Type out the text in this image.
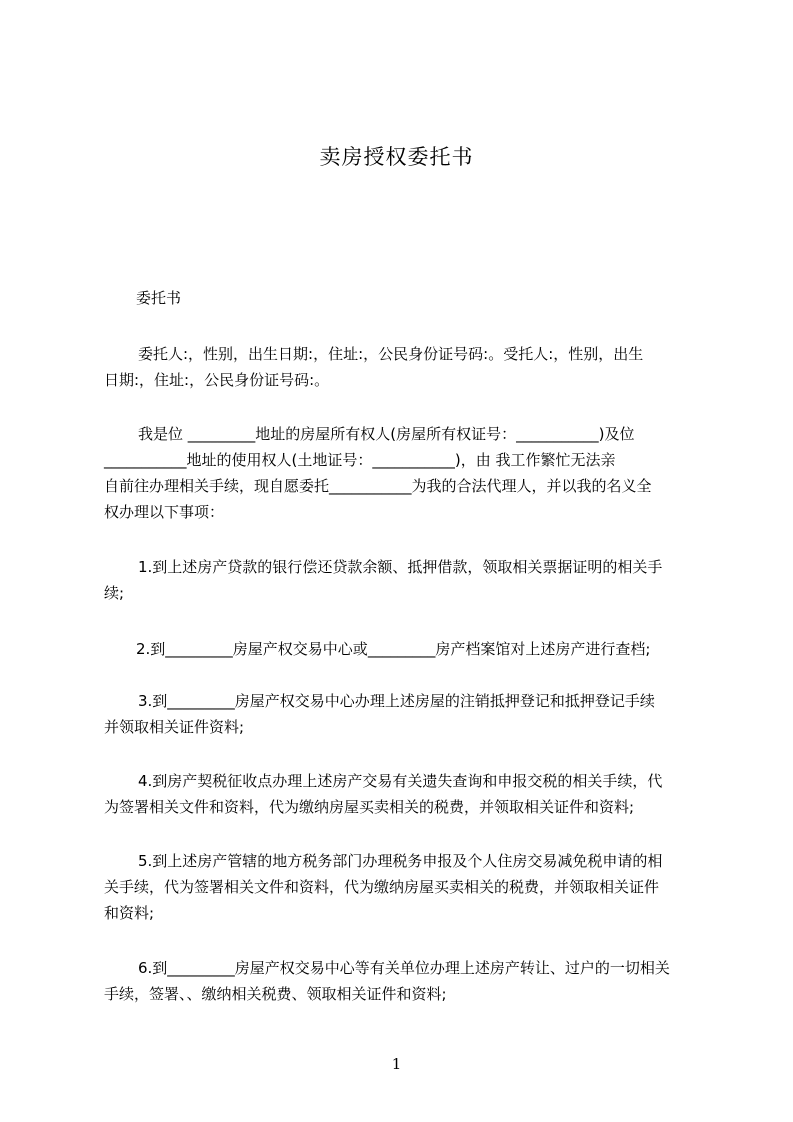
卖房授权委托书
委托书
委托人:，性别，出生日期:，住址:，公民身份证号码:。受托人:，性别，出生
日期:，住址:，公民身份证号码:。
我是位 _________地址的房屋所有权人(房屋所有权证号：___________)及位
___________地址的使用权人(土地证号：___________)，由 我工作繁忙无法亲
自前往办理相关手续，现自愿委托___________为我的合法代理人，并以我的名义全
权办理以下事项：
1.到上述房产贷款的银行偿还贷款余额、抵押借款，领取相关票据证明的相关手
续;
2.到_________房屋产权交易中心或_________房产档案馆对上述房产进行查档;
3.到_________房屋产权交易中心办理上述房屋的注销抵押登记和抵押登记手续
并领取相关证件资料;
4.到房产契税征收点办理上述房产交易有关遗失查询和申报交税的相关手续，代
为签署相关文件和资料，代为缴纳房屋买卖相关的税费，并领取相关证件和资料;
5.到上述房产管辖的地方税务部门办理税务申报及个人住房交易减免税申请的相
关手续，代为签署相关文件和资料，代为缴纳房屋买卖相关的税费，并领取相关证件
和资料;
6.到_________房屋产权交易中心等有关单位办理上述房产转让、过户的一切相关
手续，签署、、缴纳相关税费、领取相关证件和资料;
1
